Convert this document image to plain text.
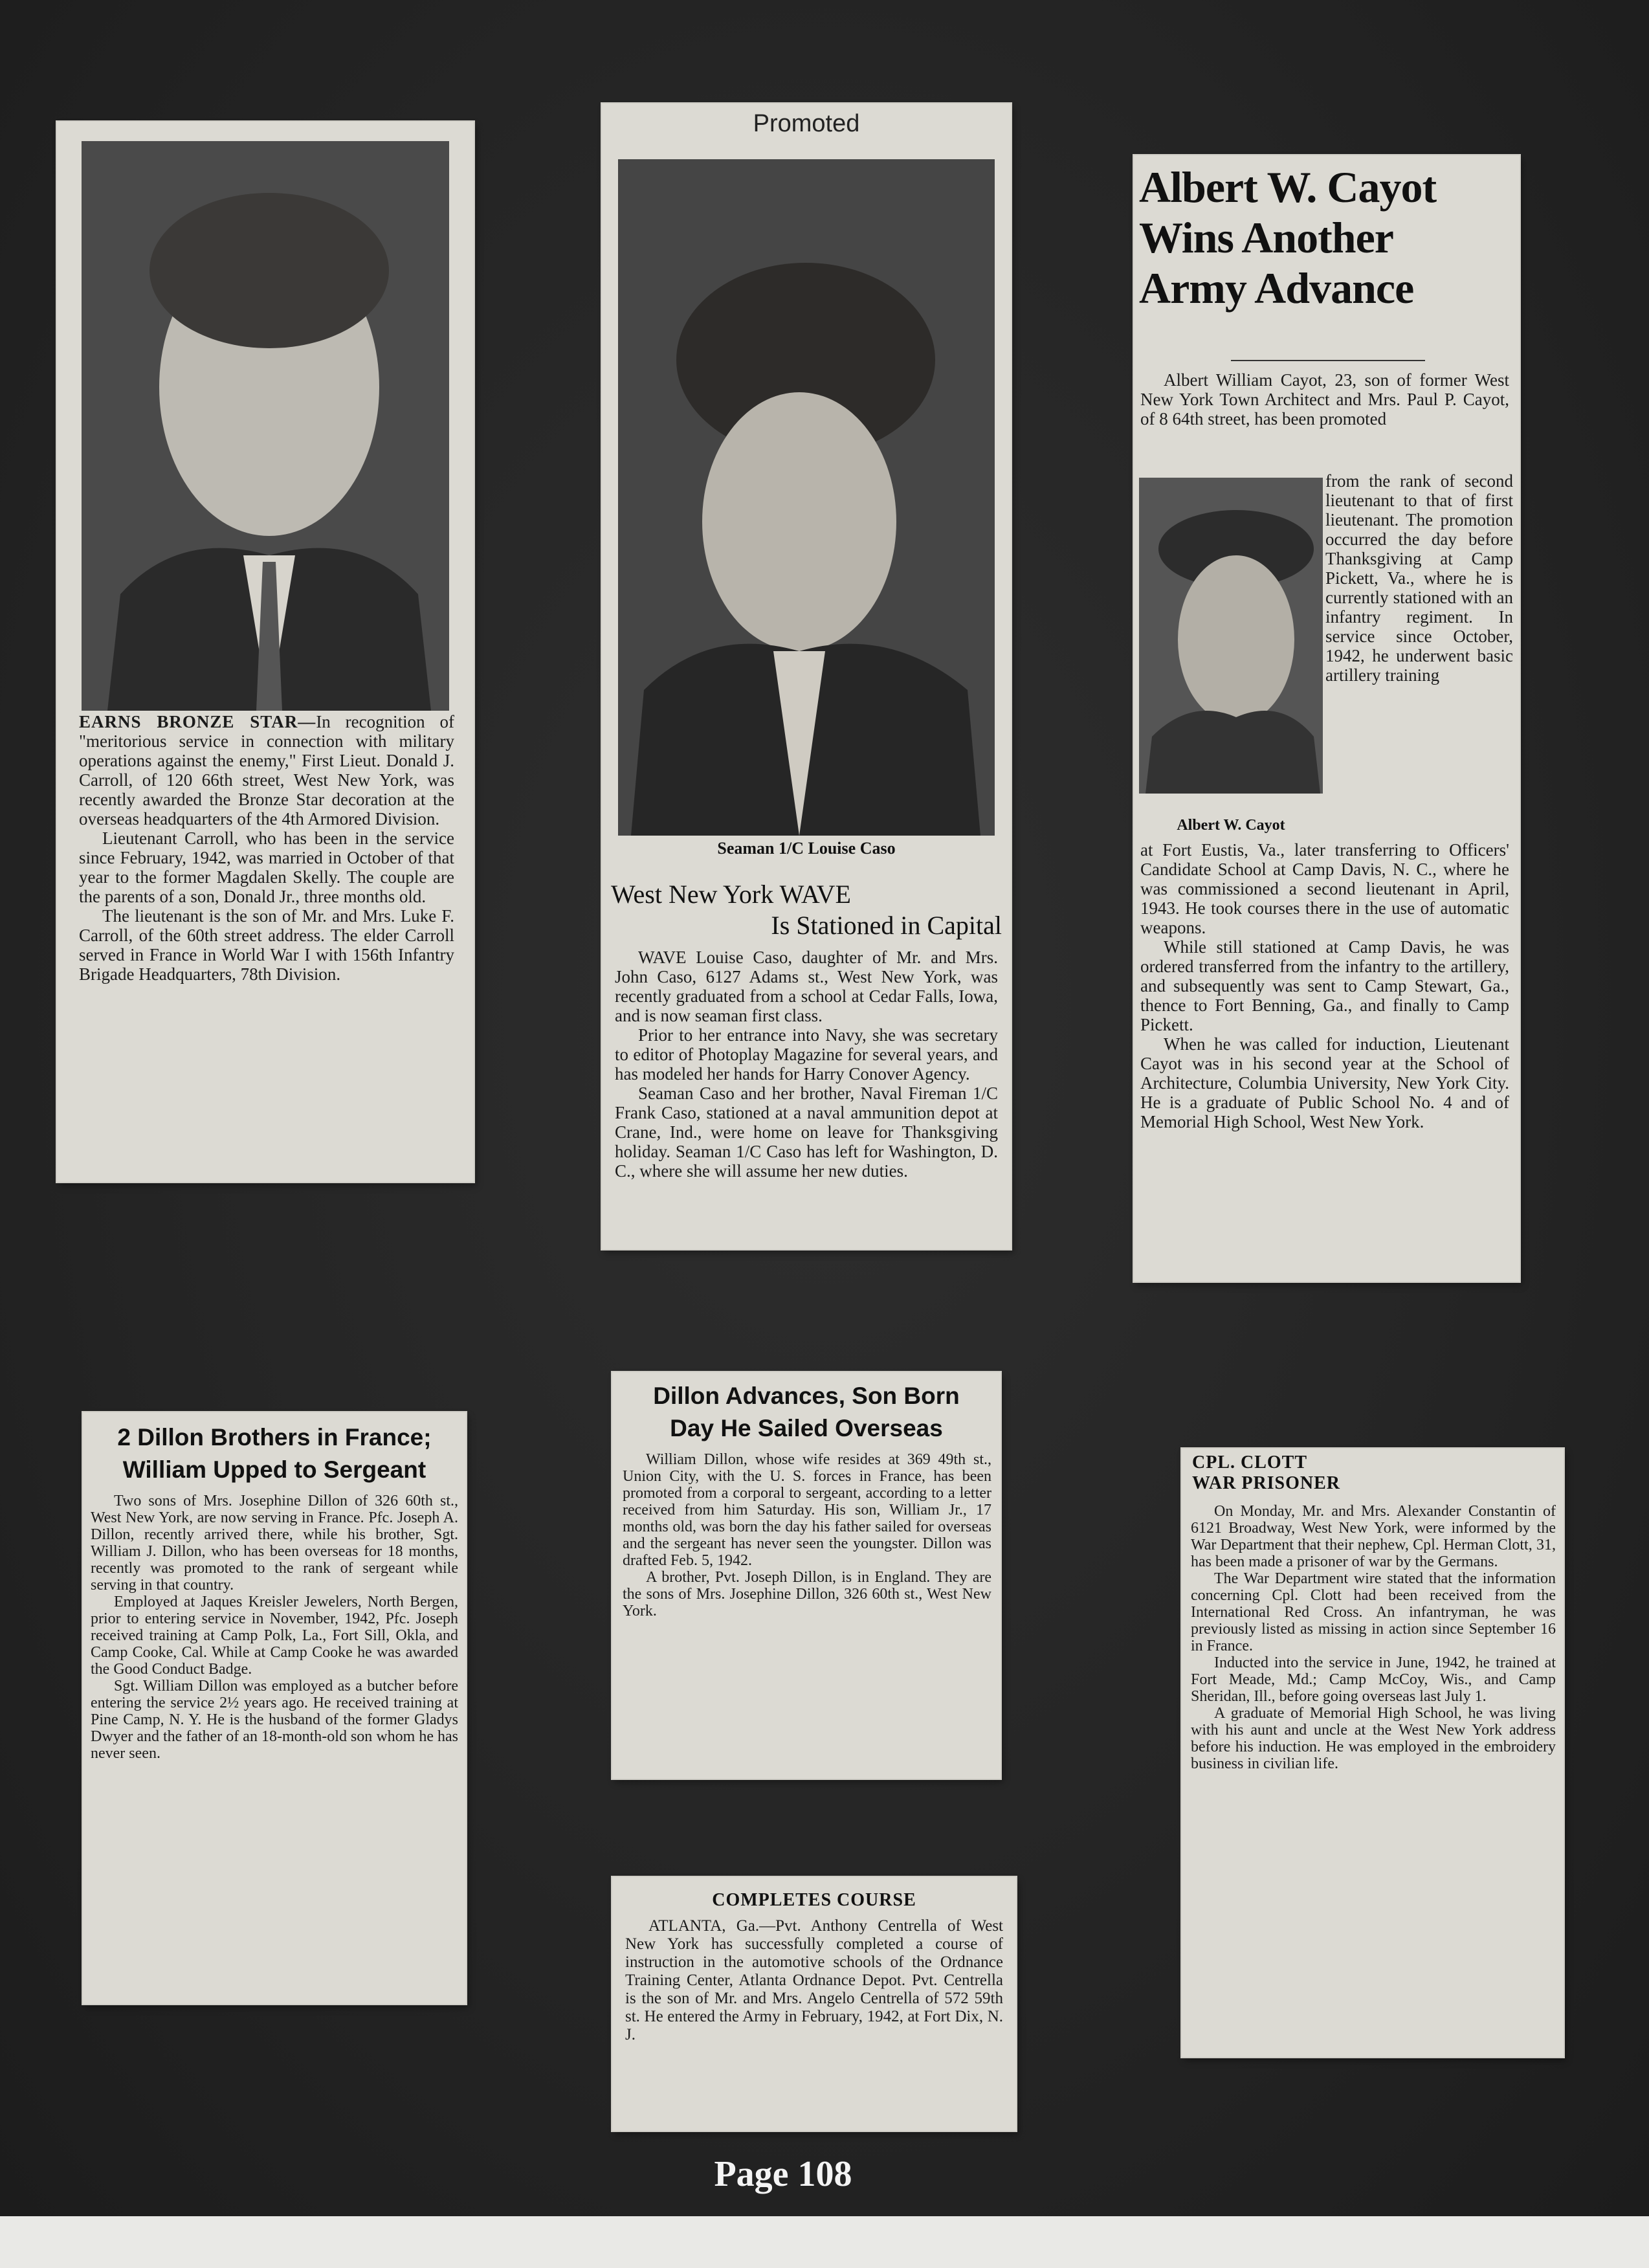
EARNS BRONZE STAR—In recognition of "meritorious service in connection with military operations against the enemy," First Lieut. Donald J. Carroll, of 120 66th street, West New York, was recently awarded the Bronze Star decoration at the overseas headquarters of the 4th Armored Division.

Lieutenant Carroll, who has been in the service since February, 1942, was married in October of that year to the former Magdalen Skelly. The couple are the parents of a son, Donald Jr., three months old.

The lieutenant is the son of Mr. and Mrs. Luke F. Carroll, of the 60th street address. The elder Carroll served in France in World War I with 156th Infantry Brigade Headquarters, 78th Division.

Promoted
Seaman 1/C Louise Caso
West New York WAVE
Is Stationed in Capital

WAVE Louise Caso, daughter of Mr. and Mrs. John Caso, 6127 Adams st., West New York, was recently graduated from a school at Cedar Falls, Iowa, and is now seaman first class.

Prior to her entrance into Navy, she was secretary to editor of Photoplay Magazine for several years, and has modeled her hands for Harry Conover Agency.

Seaman Caso and her brother, Naval Fireman 1/C Frank Caso, stationed at a naval ammunition depot at Crane, Ind., were home on leave for Thanksgiving holiday. Seaman 1/C Caso has left for Washington, D. C., where she will assume her new duties.

Albert W. Cayot
Wins Another
Army Advance

Albert William Cayot, 23, son of former West New York Town Architect and Mrs. Paul P. Cayot, of 8 64th street, has been promoted

from the rank of second lieutenant to that of first lieutenant. The promotion occurred the day before Thanksgiving at Camp Pickett, Va., where he is currently stationed with an infantry regiment. In service since October, 1942, he underwent basic artillery training

Albert W. Cayot

at Fort Eustis, Va., later transferring to Officers' Candidate School at Camp Davis, N. C., where he was commissioned a second lieutenant in April, 1943. He took courses there in the use of automatic weapons.

While still stationed at Camp Davis, he was ordered transferred from the infantry to the artillery, and subsequently was sent to Camp Stewart, Ga., thence to Fort Benning, Ga., and finally to Camp Pickett.

When he was called for induction, Lieutenant Cayot was in his second year at the School of Architecture, Columbia University, New York City. He is a graduate of Public School No. 4 and of Memorial High School, West New York.

2 Dillon Brothers in France;
William Upped to Sergeant

Two sons of Mrs. Josephine Dillon of 326 60th st., West New York, are now serving in France. Pfc. Joseph A. Dillon, recently arrived there, while his brother, Sgt. William J. Dillon, who has been overseas for 18 months, recently was promoted to the rank of sergeant while serving in that country.

Employed at Jaques Kreisler Jewelers, North Bergen, prior to entering service in November, 1942, Pfc. Joseph received training at Camp Polk, La., Fort Sill, Okla, and Camp Cooke, Cal. While at Camp Cooke he was awarded the Good Conduct Badge.

Sgt. William Dillon was employed as a butcher before entering the service 2½ years ago. He received training at Pine Camp, N. Y. He is the husband of the former Gladys Dwyer and the father of an 18-month-old son whom he has never seen.

Dillon Advances, Son Born
Day He Sailed Overseas

William Dillon, whose wife resides at 369 49th st., Union City, with the U. S. forces in France, has been promoted from a corporal to sergeant, according to a letter received from him Saturday. His son, William Jr., 17 months old, was born the day his father sailed for overseas and the sergeant has never seen the youngster. Dillon was drafted Feb. 5, 1942.

A brother, Pvt. Joseph Dillon, is in England. They are the sons of Mrs. Josephine Dillon, 326 60th st., West New York.

COMPLETES COURSE

ATLANTA, Ga.—Pvt. Anthony Centrella of West New York has successfully completed a course of instruction in the automotive schools of the Ordnance Training Center, Atlanta Ordnance Depot. Pvt. Centrella is the son of Mr. and Mrs. Angelo Centrella of 572 59th st. He entered the Army in February, 1942, at Fort Dix, N. J.

CPL. CLOTT
WAR PRISONER

On Monday, Mr. and Mrs. Alexander Constantin of 6121 Broadway, West New York, were informed by the War Department that their nephew, Cpl. Herman Clott, 31, has been made a prisoner of war by the Germans.

The War Department wire stated that the information concerning Cpl. Clott had been received from the International Red Cross. An infantryman, he was previously listed as missing in action since September 16 in France.

Inducted into the service in June, 1942, he trained at Fort Meade, Md.; Camp McCoy, Wis., and Camp Sheridan, Ill., before going overseas last July 1.

A graduate of Memorial High School, he was living with his aunt and uncle at the West New York address before his induction. He was employed in the embroidery business in civilian life.

Page 108
